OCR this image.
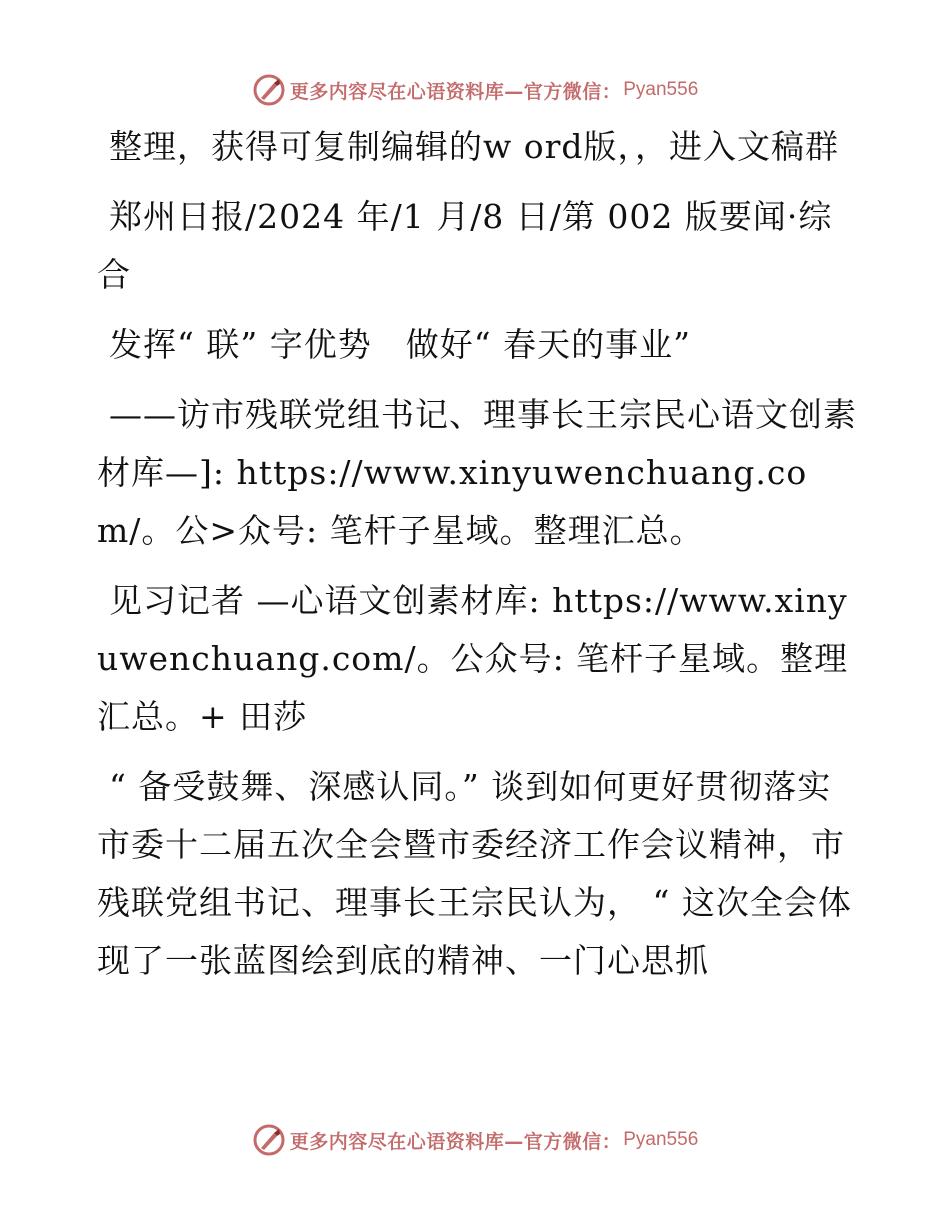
更多内容尽在心语资料库—官方微信： Pyan556

整理，获得可复制编辑的w ord版，，进入文稿群

郑州日报/2024 年/1 月/8 日/第 002 版要闻·综合

发挥“ 联” 字优势　做好“ 春天的事业”

——访市残联党组书记、理事长王宗民心语文创素材库—]: https://www.xinyuwenchuang.com/。公>众号: 笔杆子星域。整理汇总。

见习记者 —心语文创素材库: https://www.xinyuwenchuang.com/。公众号: 笔杆子星域。整理汇总。+ 田莎

“ 备受鼓舞、深感认同。” 谈到如何更好贯彻落实市委十二届五次全会暨市委经济工作会议精神，市残联党组书记、理事长王宗民认为， “ 这次全会体现了一张蓝图绘到底的精神、一门心思抓

更多内容尽在心语资料库—官方微信： Pyan556
